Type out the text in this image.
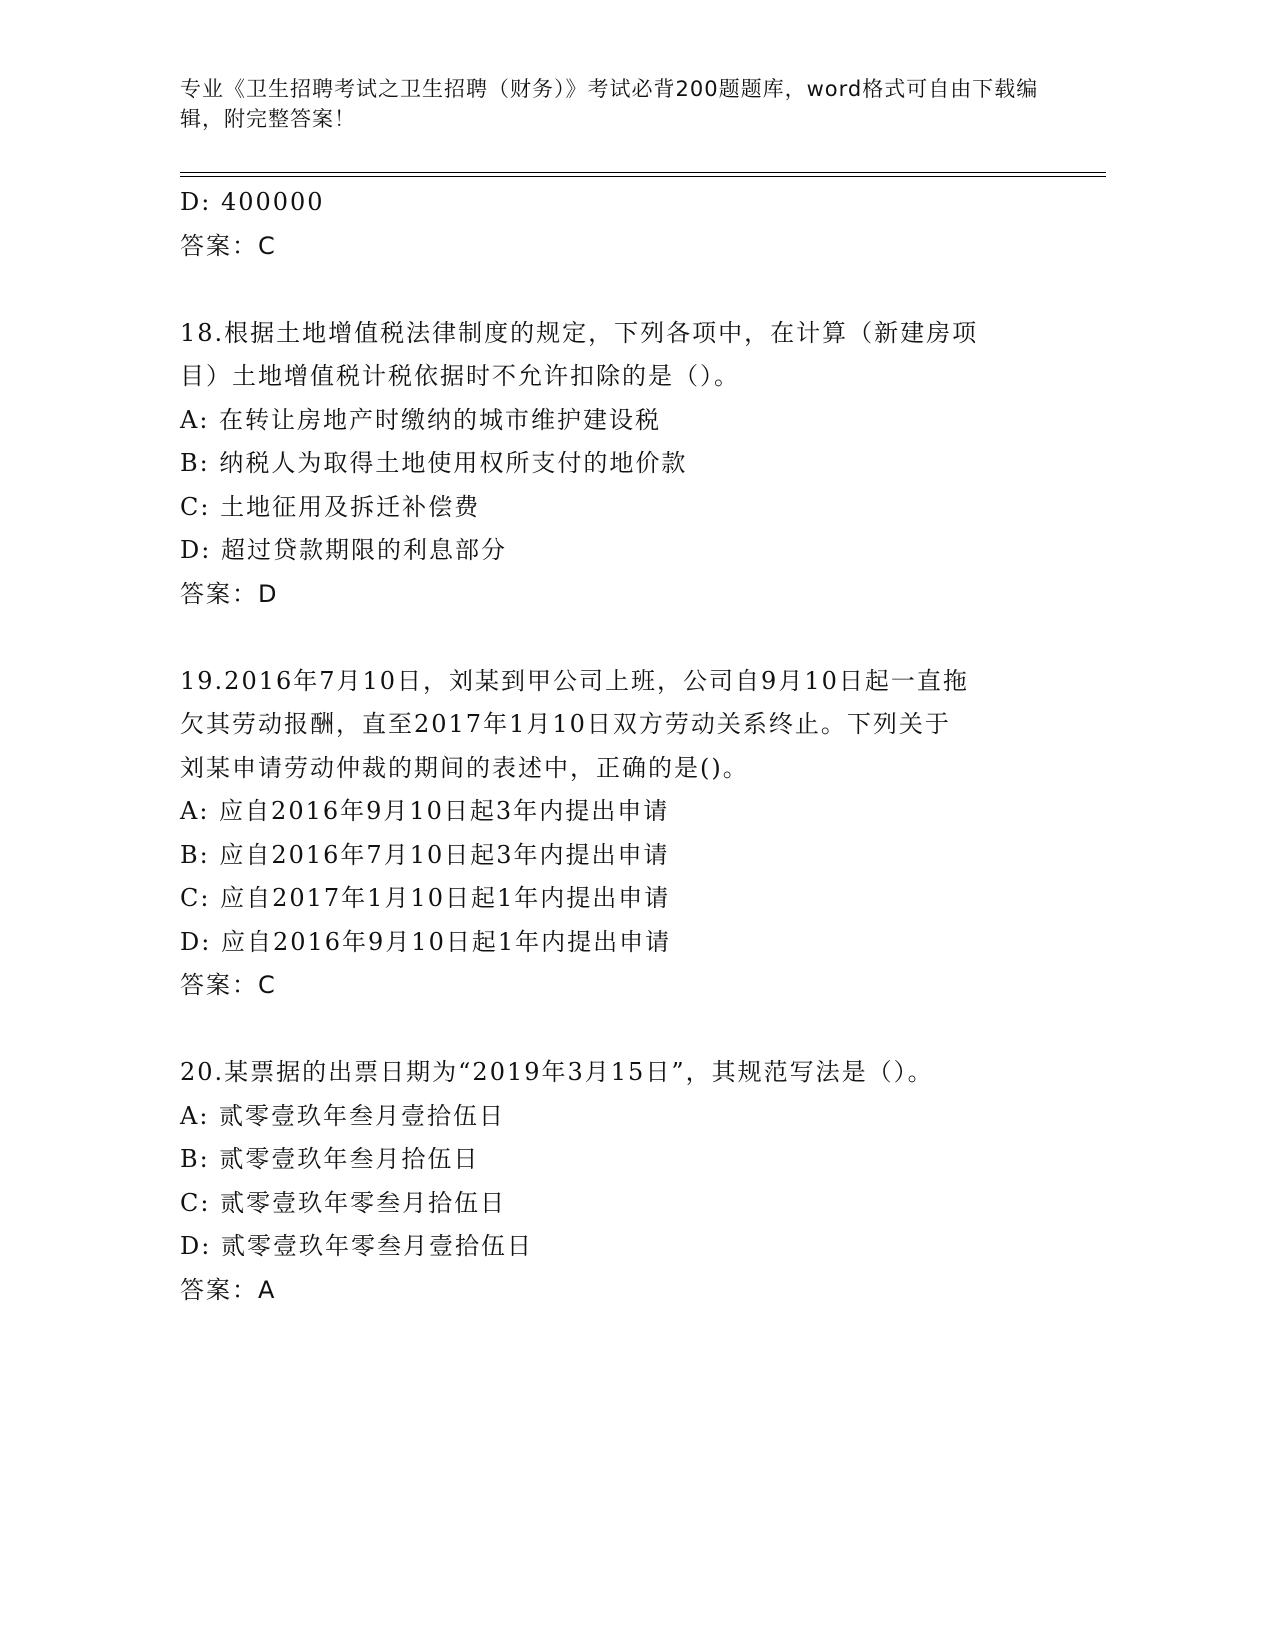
专业《卫生招聘考试之卫生招聘（财务）》考试必背200题题库，word格式可自由下载编辑，附完整答案！

D: 400000

答案：C

18.根据土地增值税法律制度的规定，下列各项中，在计算（新建房项

目）土地增值税计税依据时不允许扣除的是（）。

A: 在转让房地产时缴纳的城市维护建设税

B: 纳税人为取得土地使用权所支付的地价款

C: 土地征用及拆迁补偿费

D: 超过贷款期限的利息部分

答案：D

19.2016年7月10日，刘某到甲公司上班，公司自9月10日起一直拖

欠其劳动报酬，直至2017年1月10日双方劳动关系终止。下列关于

刘某申请劳动仲裁的期间的表述中，正确的是()。

A: 应自2016年9月10日起3年内提出申请

B: 应自2016年7月10日起3年内提出申请

C: 应自2017年1月10日起1年内提出申请

D: 应自2016年9月10日起1年内提出申请

答案：C

20.某票据的出票日期为“2019年3月15日”，其规范写法是（）。

A: 贰零壹玖年叁月壹拾伍日

B: 贰零壹玖年叁月拾伍日

C: 贰零壹玖年零叁月拾伍日

D: 贰零壹玖年零叁月壹拾伍日

答案：A
